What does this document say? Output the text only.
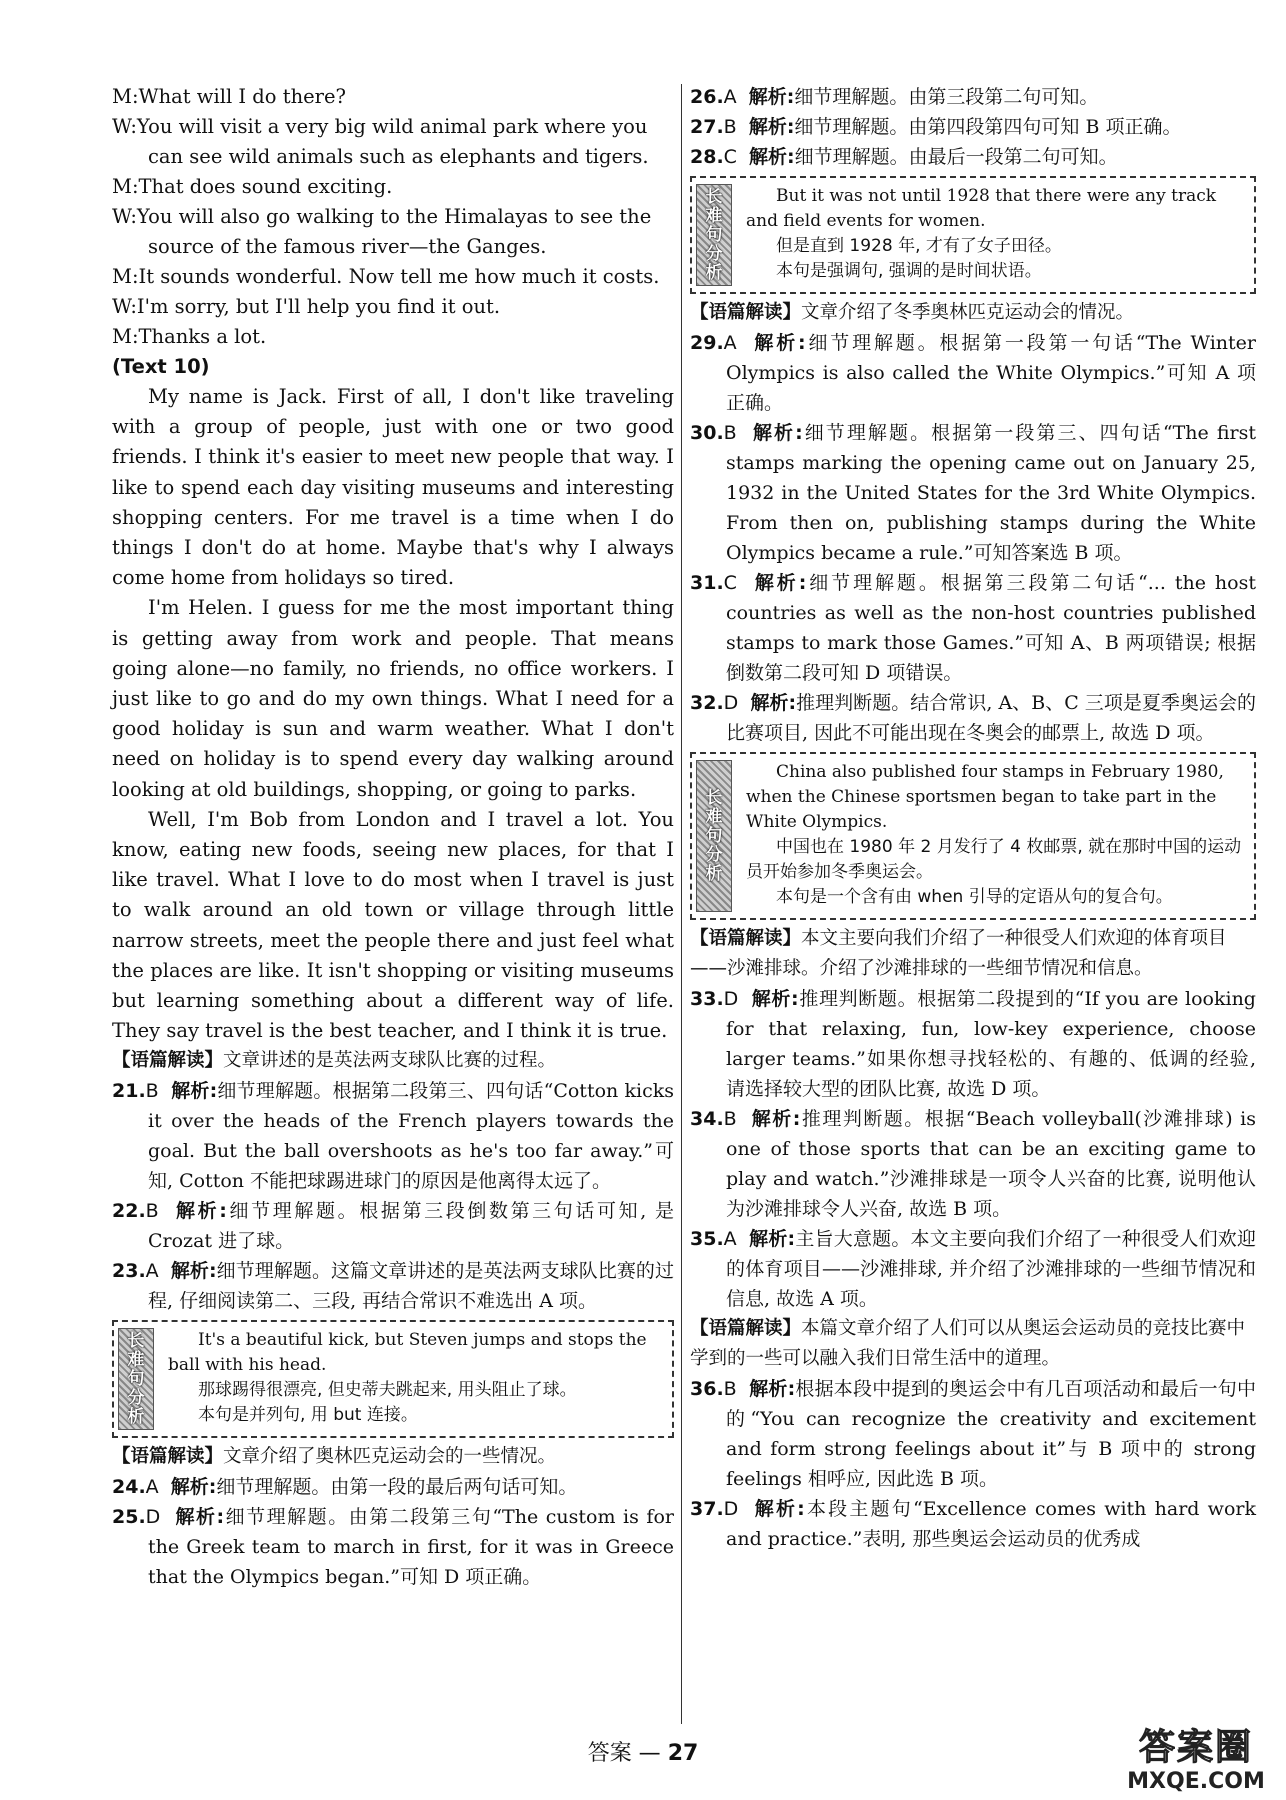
M:What will I do there?
W:You will visit a very big wild animal park where you can see wild animals such as elephants and tigers.
M:That does sound exciting.
W:You will also go walking to the Himalayas to see the source of the famous river—the Ganges.
M:It sounds wonderful. Now tell me how much it costs.
W:I'm sorry, but I'll help you find it out.
M:Thanks a lot.
(Text 10)
My name is Jack. First of all, I don't like traveling with a group of people, just with one or two good friends. I think it's easier to meet new people that way. I like to spend each day visiting museums and interesting shopping centers. For me travel is a time when I do things I don't do at home. Maybe that's why I always come home from holidays so tired.
I'm Helen. I guess for me the most important thing is getting away from work and people. That means going alone—no family, no friends, no office workers. I just like to go and do my own things. What I need for a good holiday is sun and warm weather. What I don't need on holiday is to spend every day walking around looking at old buildings, shopping, or going to parks.
Well, I'm Bob from London and I travel a lot. You know, eating new foods, seeing new places, for that I like travel. What I love to do most when I travel is just to walk around an old town or village through little narrow streets, meet the people there and just feel what the places are like. It isn't shopping or visiting museums but learning something about a different way of life. They say travel is the best teacher, and I think it is true.
【语篇解读】文章讲述的是英法两支球队比赛的过程。
21.B 解析:细节理解题。根据第二段第三、四句话“Cotton kicks it over the heads of the French players towards the goal. But the ball overshoots as he's too far away.”可知, Cotton 不能把球踢进球门的原因是他离得太远了。
22.B 解析:细节理解题。根据第三段倒数第三句话可知, 是 Crozat 进了球。
23.A 解析:细节理解题。这篇文章讲述的是英法两支球队比赛的过程, 仔细阅读第二、三段, 再结合常识不难选出 A 项。
长
难
句
分
析
It's a beautiful kick, but Steven jumps and stops the ball with his head.
那球踢得很漂亮, 但史蒂夫跳起来, 用头阻止了球。
本句是并列句, 用 but 连接。
【语篇解读】文章介绍了奥林匹克运动会的一些情况。
24.A 解析:细节理解题。由第一段的最后两句话可知。
25.D 解析:细节理解题。由第二段第三句“The custom is for the Greek team to march in first, for it was in Greece that the Olympics began.”可知 D 项正确。
26.A 解析:细节理解题。由第三段第二句可知。
27.B 解析:细节理解题。由第四段第四句可知 B 项正确。
28.C 解析:细节理解题。由最后一段第二句可知。
长
难
句
分
析
But it was not until 1928 that there were any track and field events for women.
但是直到 1928 年, 才有了女子田径。
本句是强调句, 强调的是时间状语。
【语篇解读】文章介绍了冬季奥林匹克运动会的情况。
29.A 解析:细节理解题。根据第一段第一句话“The Winter Olympics is also called the White Olympics.”可知 A 项正确。
30.B 解析:细节理解题。根据第一段第三、四句话“The first stamps marking the opening came out on January 25, 1932 in the United States for the 3rd White Olympics. From then on, publishing stamps during the White Olympics became a rule.”可知答案选 B 项。
31.C 解析:细节理解题。根据第三段第二句话“... the host countries as well as the non-host countries published stamps to mark those Games.”可知 A、B 两项错误; 根据倒数第二段可知 D 项错误。
32.D 解析:推理判断题。结合常识, A、B、C 三项是夏季奥运会的比赛项目, 因此不可能出现在冬奥会的邮票上, 故选 D 项。
长
难
句
分
析
China also published four stamps in February 1980, when the Chinese sportsmen began to take part in the White Olympics.
中国也在 1980 年 2 月发行了 4 枚邮票, 就在那时中国的运动员开始参加冬季奥运会。
本句是一个含有由 when 引导的定语从句的复合句。
【语篇解读】本文主要向我们介绍了一种很受人们欢迎的体育项目——沙滩排球。介绍了沙滩排球的一些细节情况和信息。
33.D 解析:推理判断题。根据第二段提到的“If you are looking for that relaxing, fun, low-key experience, choose larger teams.”如果你想寻找轻松的、有趣的、低调的经验, 请选择较大型的团队比赛, 故选 D 项。
34.B 解析:推理判断题。根据“Beach volleyball(沙滩排球) is one of those sports that can be an exciting game to play and watch.”沙滩排球是一项令人兴奋的比赛, 说明他认为沙滩排球令人兴奋, 故选 B 项。
35.A 解析:主旨大意题。本文主要向我们介绍了一种很受人们欢迎的体育项目——沙滩排球, 并介绍了沙滩排球的一些细节情况和信息, 故选 A 项。
【语篇解读】本篇文章介绍了人们可以从奥运会运动员的竞技比赛中学到的一些可以融入我们日常生活中的道理。
36.B 解析:根据本段中提到的奥运会中有几百项活动和最后一句中的“You can recognize the creativity and excitement and form strong feelings about it”与 B 项中的 strong feelings 相呼应, 因此选 B 项。
37.D 解析:本段主题句“Excellence comes with hard work and practice.”表明, 那些奥运会运动员的优秀成
答案 — 27	答案圈
MXQE.COM
